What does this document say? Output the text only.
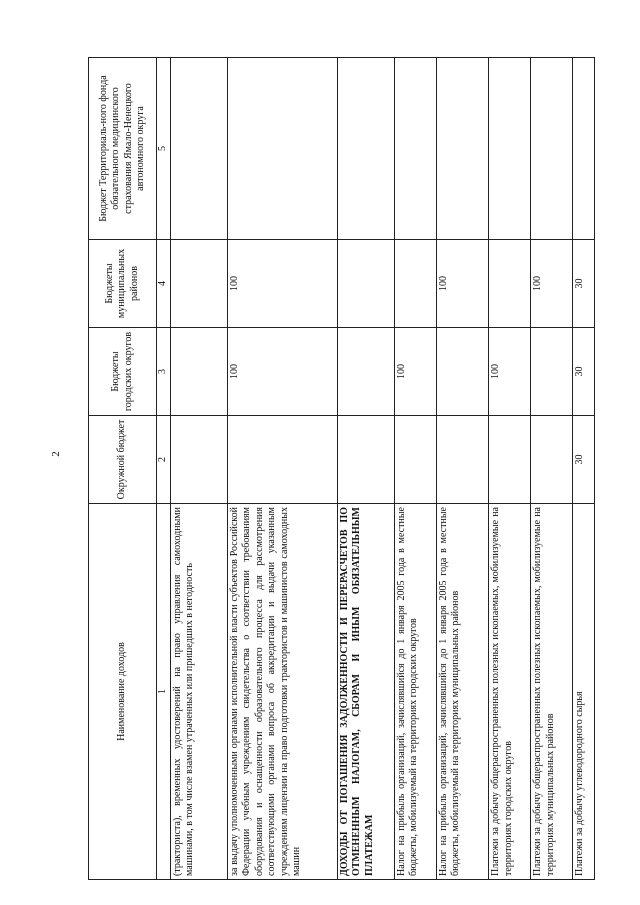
2
Наименование доходов	Окружной бюджет	Бюджеты городских округов	Бюджеты муниципальных районов	Бюджет Территориаль-ного фонда обязательного медицинского страхования Ямало-Ненецкого автономного округа
1	2	3	4	5
(тракториста), временных удостоверений на право управления самоходными машинами, в том числе взамен утраченных или пришедших в негодность				
за выдачу уполномоченными органами исполнительной власти субъектов Российской Федерации учебным учреждениям свидетельства о соответствии требованиям оборудования и оснащенности образовательного процесса для рассмотрения соответствующими органами вопроса об аккредитации и выдачи указанным учреждениям лицензии на право подготовки трактористов и машинистов самоходных машин		100	100	
ДОХОДЫ ОТ ПОГАШЕНИЯ ЗАДОЛЖЕННОСТИ И ПЕРЕРАСЧЕТОВ ПО ОТМЕНЕННЫМ НАЛОГАМ, СБОРАМ И ИНЫМ ОБЯЗАТЕЛЬНЫМ ПЛАТЕЖАМ				
Налог на прибыль организаций, зачислявшийся до 1 января 2005 года в местные бюджеты, мобилизуемый на территориях городских округов		100		
Налог на прибыль организаций, зачислявшийся до 1 января 2005 года в местные бюджеты, мобилизуемый на территориях муниципальных районов			100	
Платежи за добычу общераспространенных полезных ископаемых, мобилизуемые на территориях городских округов		100		
Платежи за добычу общераспространенных полезных ископаемых, мобилизуемые на территориях муниципальных районов			100	
Платежи за добычу углеводородного сырья	30	30	30	
